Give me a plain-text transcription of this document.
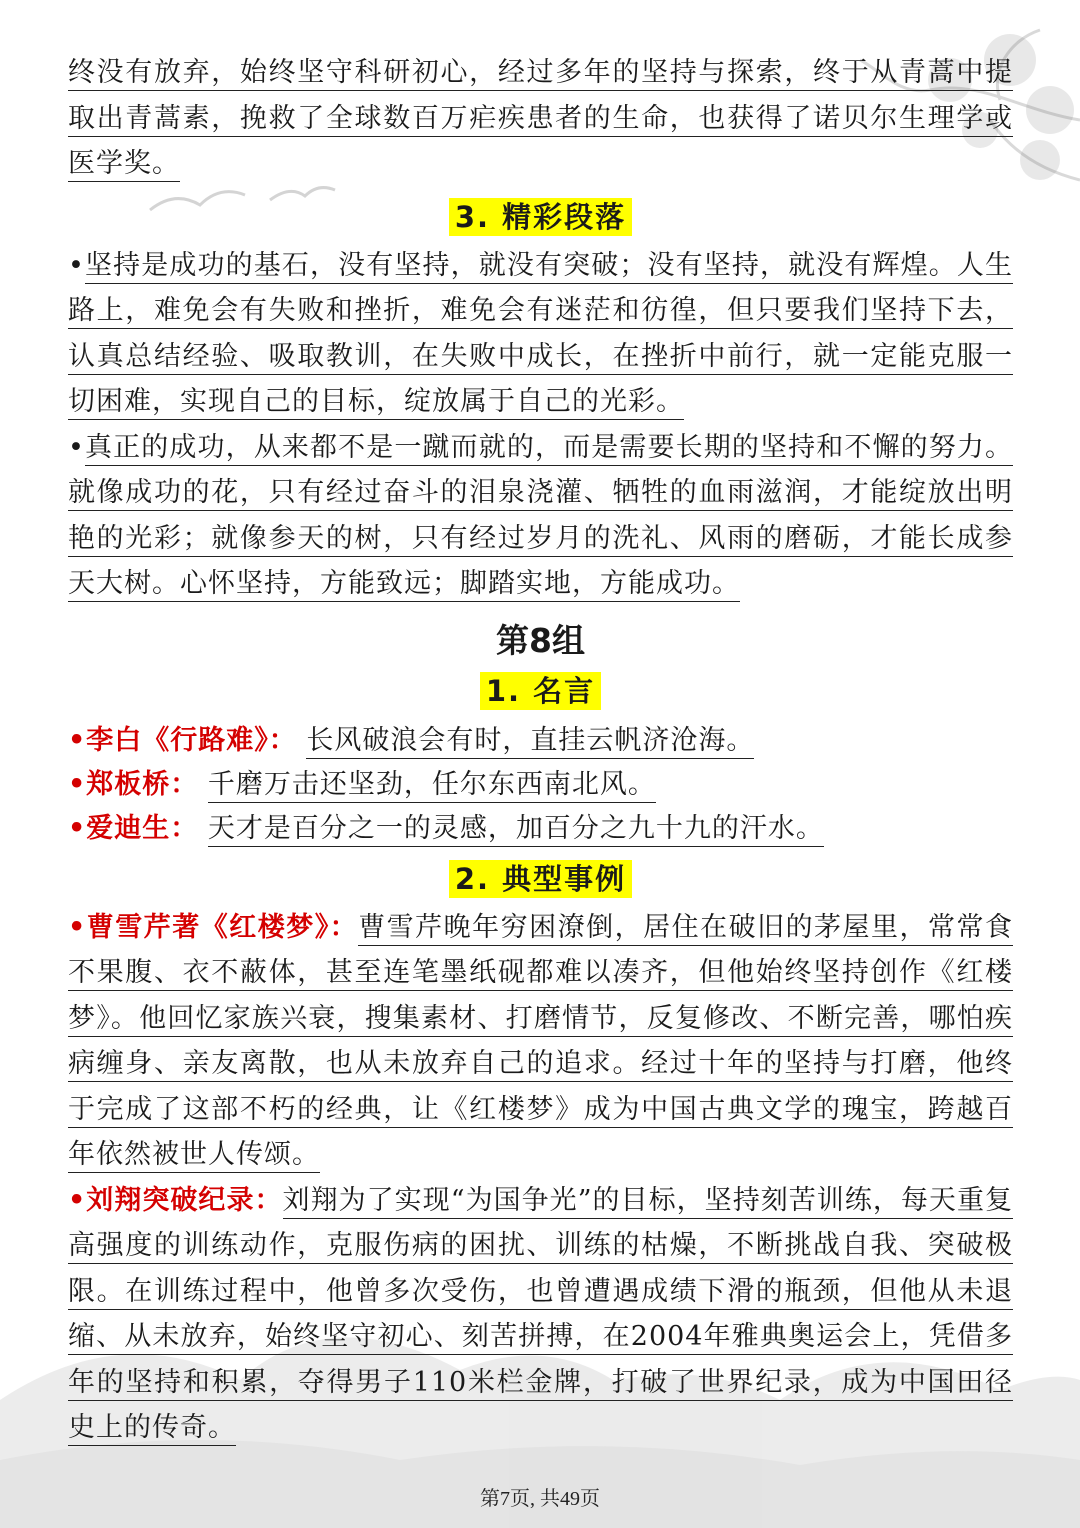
终没有放弃，始终坚守科研初心，经过多年的坚持与探索，终于从青蒿中提取出青蒿素，挽救了全球数百万疟疾患者的生命，也获得了诺贝尔生理学或医学奖。

3. 精彩段落

•坚持是成功的基石，没有坚持，就没有突破；没有坚持，就没有辉煌。人生路上，难免会有失败和挫折，难免会有迷茫和彷徨，但只要我们坚持下去，认真总结经验、吸取教训，在失败中成长，在挫折中前行，就一定能克服一切困难，实现自己的目标，绽放属于自己的光彩。

•真正的成功，从来都不是一蹴而就的，而是需要长期的坚持和不懈的努力。就像成功的花，只有经过奋斗的泪泉浇灌、牺牲的血雨滋润，才能绽放出明艳的光彩；就像参天的树，只有经过岁月的洗礼、风雨的磨砺，才能长成参天大树。心怀坚持，方能致远；脚踏实地，方能成功。

第8组

1. 名言

•李白《行路难》： 长风破浪会有时，直挂云帆济沧海。

•郑板桥： 千磨万击还坚劲，任尔东西南北风。

•爱迪生： 天才是百分之一的灵感，加百分之九十九的汗水。

2. 典型事例

•曹雪芹著《红楼梦》：曹雪芹晚年穷困潦倒，居住在破旧的茅屋里，常常食不果腹、衣不蔽体，甚至连笔墨纸砚都难以凑齐，但他始终坚持创作《红楼梦》。他回忆家族兴衰，搜集素材、打磨情节，反复修改、不断完善，哪怕疾病缠身、亲友离散，也从未放弃自己的追求。经过十年的坚持与打磨，他终于完成了这部不朽的经典，让《红楼梦》成为中国古典文学的瑰宝，跨越百年依然被世人传颂。

•刘翔突破纪录：刘翔为了实现“为国争光”的目标，坚持刻苦训练，每天重复高强度的训练动作，克服伤病的困扰、训练的枯燥，不断挑战自我、突破极限。在训练过程中，他曾多次受伤，也曾遭遇成绩下滑的瓶颈，但他从未退缩、从未放弃，始终坚守初心、刻苦拼搏，在2004年雅典奥运会上，凭借多年的坚持和积累，夺得男子110米栏金牌，打破了世界纪录，成为中国田径史上的传奇。

第7页, 共49页
